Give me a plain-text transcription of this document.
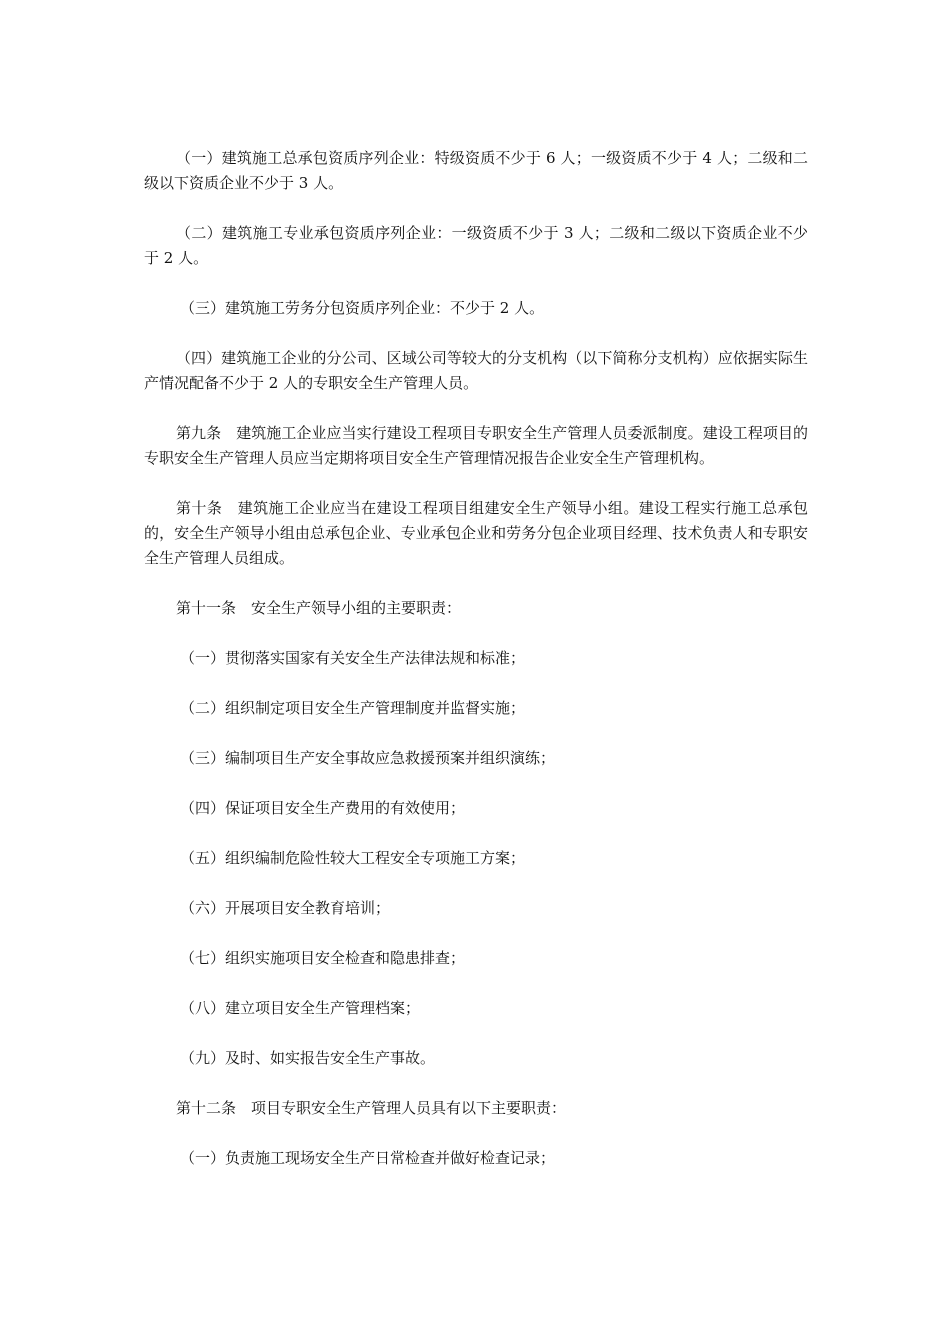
（一）建筑施工总承包资质序列企业：特级资质不少于 6 人；一级资质不少于 4 人；二级和二级以下资质企业不少于 3 人。

（二）建筑施工专业承包资质序列企业：一级资质不少于 3 人；二级和二级以下资质企业不少于 2 人。

（三）建筑施工劳务分包资质序列企业：不少于 2 人。

（四）建筑施工企业的分公司、区域公司等较大的分支机构（以下简称分支机构）应依据实际生产情况配备不少于 2 人的专职安全生产管理人员。

第九条　建筑施工企业应当实行建设工程项目专职安全生产管理人员委派制度。建设工程项目的专职安全生产管理人员应当定期将项目安全生产管理情况报告企业安全生产管理机构。

第十条　建筑施工企业应当在建设工程项目组建安全生产领导小组。建设工程实行施工总承包的，安全生产领导小组由总承包企业、专业承包企业和劳务分包企业项目经理、技术负责人和专职安全生产管理人员组成。

第十一条　安全生产领导小组的主要职责：

（一）贯彻落实国家有关安全生产法律法规和标准；

（二）组织制定项目安全生产管理制度并监督实施；

（三）编制项目生产安全事故应急救援预案并组织演练；

（四）保证项目安全生产费用的有效使用；

（五）组织编制危险性较大工程安全专项施工方案；

（六）开展项目安全教育培训；

（七）组织实施项目安全检查和隐患排查；

（八）建立项目安全生产管理档案；

（九）及时、如实报告安全生产事故。

第十二条　项目专职安全生产管理人员具有以下主要职责：

（一）负责施工现场安全生产日常检查并做好检查记录；
